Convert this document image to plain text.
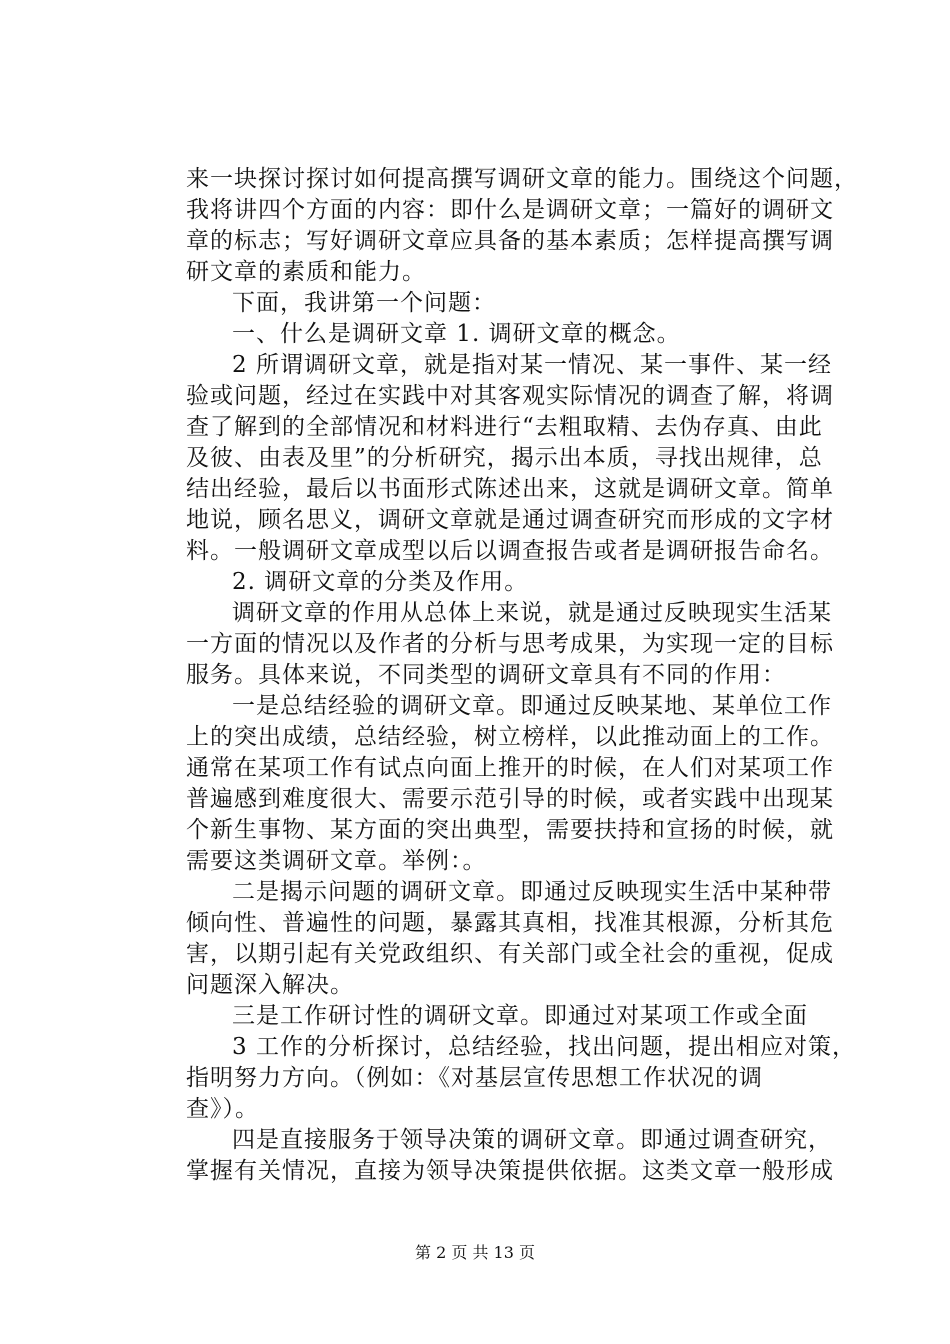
来一块探讨探讨如何提高撰写调研文章的能力。围绕这个问题，
我将讲四个方面的内容：即什么是调研文章；一篇好的调研文
章的标志；写好调研文章应具备的基本素质；怎样提高撰写调
研文章的素质和能力。
下面，我讲第一个问题：
一、什么是调研文章 1. 调研文章的概念。
2 所谓调研文章，就是指对某一情况、某一事件、某一经
验或问题，经过在实践中对其客观实际情况的调查了解，将调
查了解到的全部情况和材料进行“去粗取精、去伪存真、由此
及彼、由表及里”的分析研究，揭示出本质，寻找出规律，总
结出经验，最后以书面形式陈述出来，这就是调研文章。简单
地说，顾名思义，调研文章就是通过调查研究而形成的文字材
料。一般调研文章成型以后以调查报告或者是调研报告命名。
2. 调研文章的分类及作用。
调研文章的作用从总体上来说，就是通过反映现实生活某
一方面的情况以及作者的分析与思考成果，为实现一定的目标
服务。具体来说，不同类型的调研文章具有不同的作用：
一是总结经验的调研文章。即通过反映某地、某单位工作
上的突出成绩，总结经验，树立榜样，以此推动面上的工作。
通常在某项工作有试点向面上推开的时候，在人们对某项工作
普遍感到难度很大、需要示范引导的时候，或者实践中出现某
个新生事物、某方面的突出典型，需要扶持和宣扬的时候，就
需要这类调研文章。举例：。
二是揭示问题的调研文章。即通过反映现实生活中某种带
倾向性、普遍性的问题，暴露其真相，找准其根源，分析其危
害，以期引起有关党政组织、有关部门或全社会的重视，促成
问题深入解决。
三是工作研讨性的调研文章。即通过对某项工作或全面
3 工作的分析探讨，总结经验，找出问题，提出相应对策，
指明努力方向。（例如：《对基层宣传思想工作状况的调
查》）。
四是直接服务于领导决策的调研文章。即通过调查研究，
掌握有关情况，直接为领导决策提供依据。这类文章一般形成
第 2 页 共 13 页
